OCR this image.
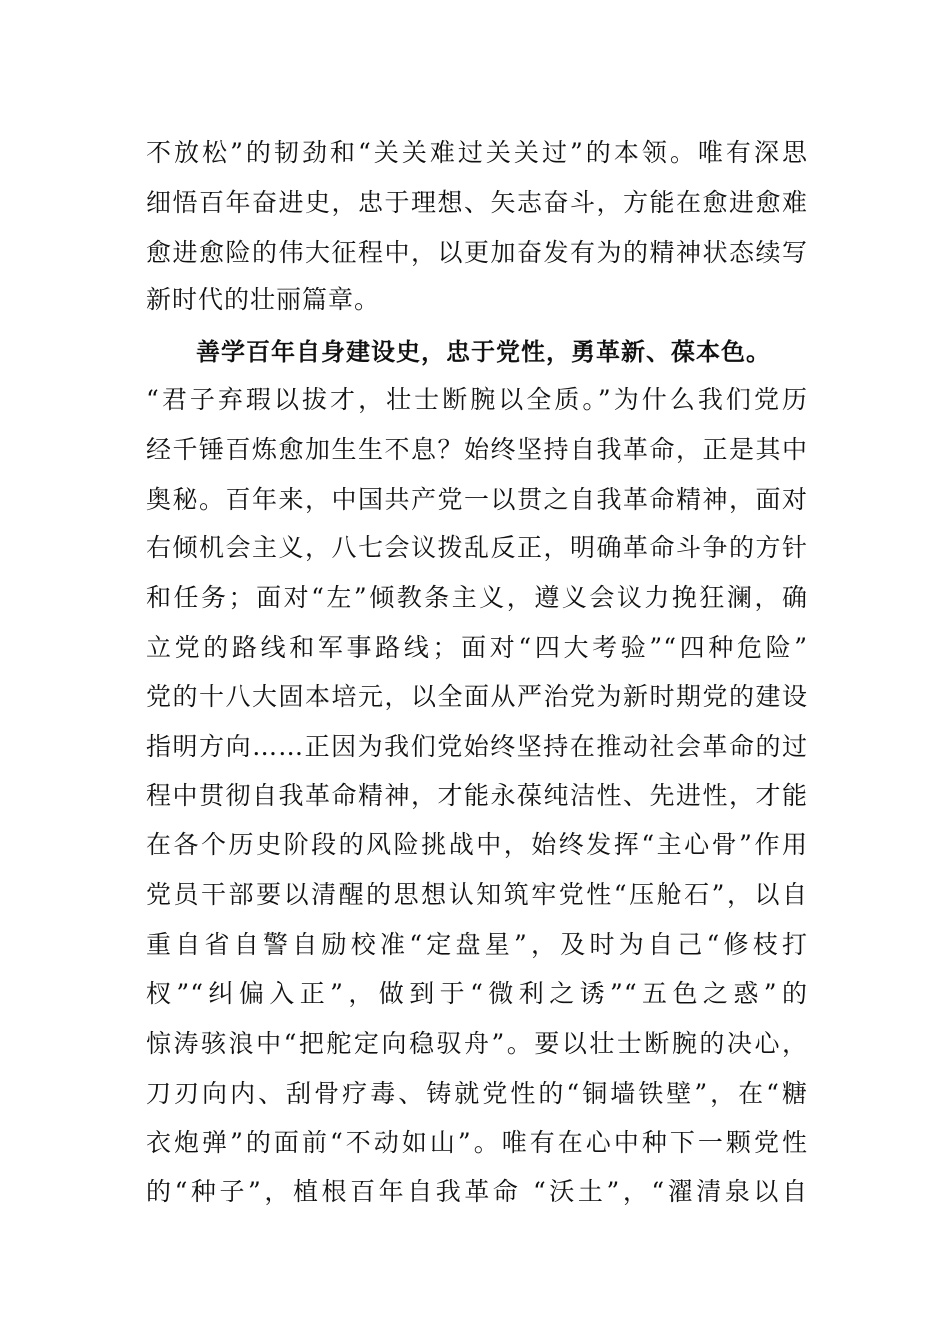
不放松”的韧劲和“关关难过关关过”的本领。唯有深思
细悟百年奋进史，忠于理想、矢志奋斗，方能在愈进愈难
愈进愈险的伟大征程中，以更加奋发有为的精神状态续写
新时代的壮丽篇章。
善学百年自身建设史，忠于党性，勇革新、葆本色。
“君子弃瑕以拔才，壮士断腕以全质。”为什么我们党历
经千锤百炼愈加生生不息？始终坚持自我革命，正是其中
奥秘。百年来，中国共产党一以贯之自我革命精神，面对
右倾机会主义，八七会议拨乱反正，明确革命斗争的方针
和任务；面对“左”倾教条主义，遵义会议力挽狂澜，确
立党的路线和军事路线；面对“四大考验”“四种危险”
党的十八大固本培元，以全面从严治党为新时期党的建设
指明方向……正因为我们党始终坚持在推动社会革命的过
程中贯彻自我革命精神，才能永葆纯洁性、先进性，才能
在各个历史阶段的风险挑战中，始终发挥“主心骨”作用
党员干部要以清醒的思想认知筑牢党性“压舱石”，以自
重自省自警自励校准“定盘星”，及时为自己“修枝打
杈”“纠偏入正”，做到于“微利之诱”“五色之惑”的
惊涛骇浪中“把舵定向稳驭舟”。要以壮士断腕的决心，
刀刃向内、刮骨疗毒、铸就党性的“铜墙铁壁”，在“糖
衣炮弹”的面前“不动如山”。唯有在心中种下一颗党性
的“种子”，植根百年自我革命 “沃土”，“濯清泉以自
